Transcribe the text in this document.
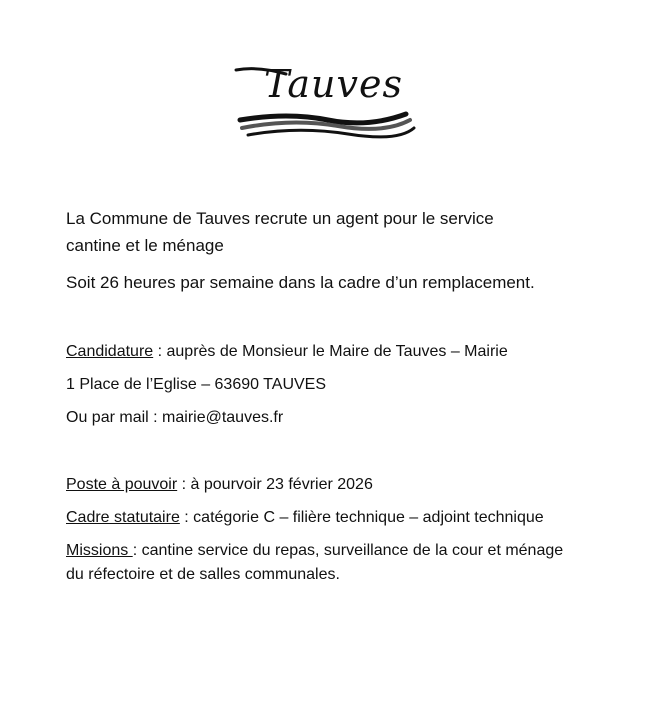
Tauves
La Commune de Tauves recrute un agent pour le service
cantine et le ménage
Soit 26 heures par semaine dans la cadre d’un remplacement.
Candidature : auprès de Monsieur le Maire de Tauves – Mairie
1 Place de l’Eglise – 63690 TAUVES
Ou par mail : mairie@tauves.fr
Poste à pouvoir : à pourvoir 23 février 2026
Cadre statutaire : catégorie C – filière technique – adjoint technique
Missions : cantine service du repas, surveillance de la cour et ménage
du réfectoire et de salles communales.
